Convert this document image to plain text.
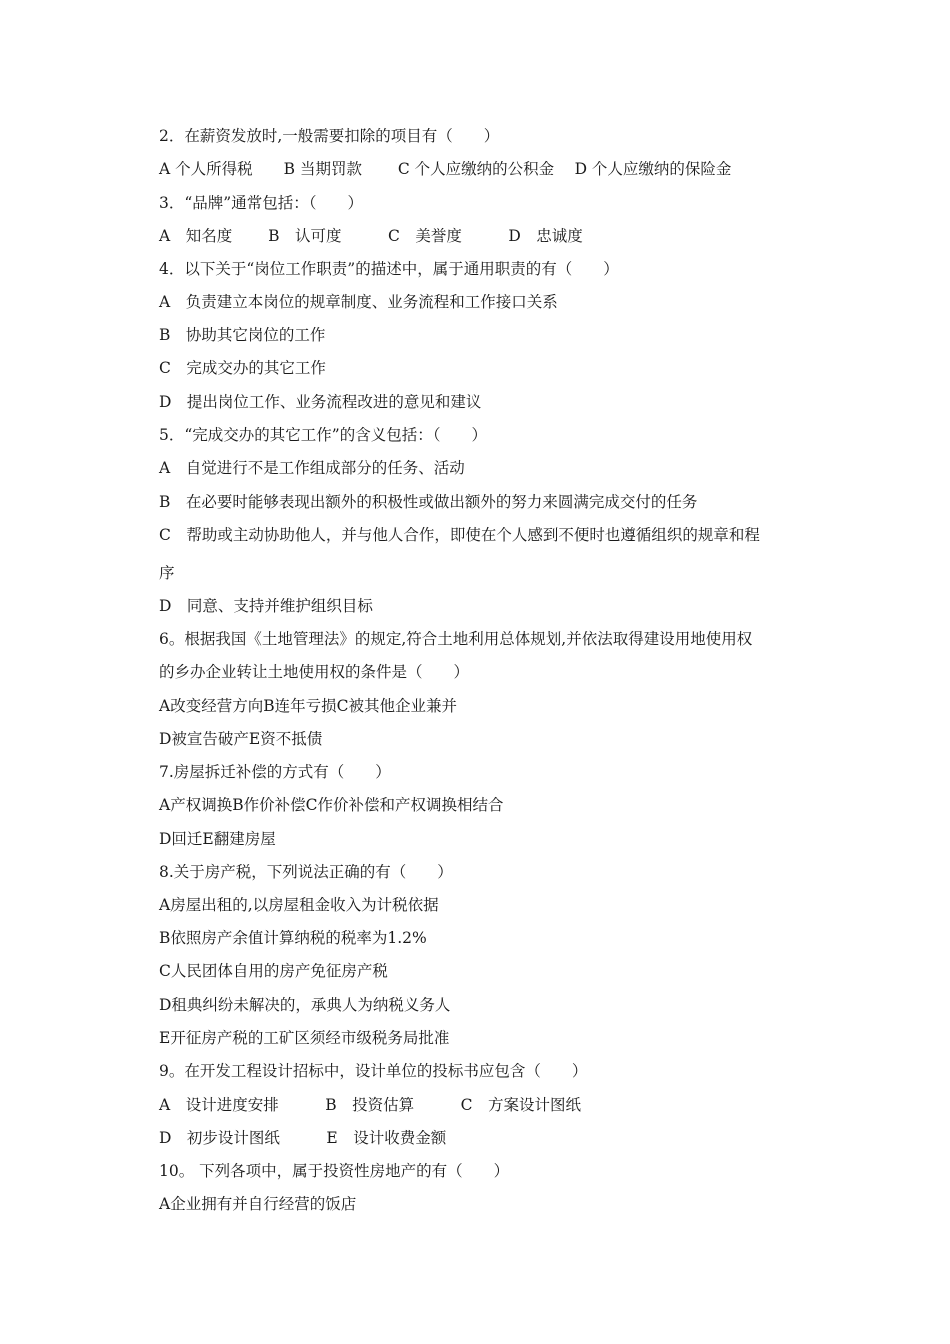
2．在薪资发放时,一般需要扣除的项目有（　　）

A 个人所得税　　B 当期罚款　　 C 个人应缴纳的公积金　 D 个人应缴纳的保险金

3．“品牌”通常包括：（　　）

A　知名度　　 B　认可度　　　C　美誉度　　　D　忠诚度

4．以下关于“岗位工作职责”的描述中，属于通用职责的有（　　）

A　负责建立本岗位的规章制度、业务流程和工作接口关系

B　协助其它岗位的工作

C　完成交办的其它工作

D　提出岗位工作、业务流程改进的意见和建议

5．“完成交办的其它工作”的含义包括：（　　）

A　自觉进行不是工作组成部分的任务、活动

B　在必要时能够表现出额外的积极性或做出额外的努力来圆满完成交付的任务

C　帮助或主动协助他人，并与他人合作，即使在个人感到不便时也遵循组织的规章和程

序

D　同意、支持并维护组织目标

6。根据我国《土地管理法》的规定,符合土地利用总体规划,并依法取得建设用地使用权

的乡办企业转让土地使用权的条件是（　　）

A改变经营方向B连年亏损C被其他企业兼并

D被宣告破产E资不抵债

7.房屋拆迁补偿的方式有（　　）

A产权调换B作价补偿C作价补偿和产权调换相结合

D回迁E翻建房屋

8.关于房产税，下列说法正确的有（　　）

A房屋出租的,以房屋租金收入为计税依据

B依照房产余值计算纳税的税率为1.2%

C人民团体自用的房产免征房产税

D租典纠纷未解决的，承典人为纳税义务人

E开征房产税的工矿区须经市级税务局批准

9。在开发工程设计招标中，设计单位的投标书应包含（　　）

A　设计进度安排　　　B　投资估算　　　C　方案设计图纸

D　初步设计图纸　　　E　设计收费金额

10。 下列各项中，属于投资性房地产的有（　　）

A企业拥有并自行经营的饭店
